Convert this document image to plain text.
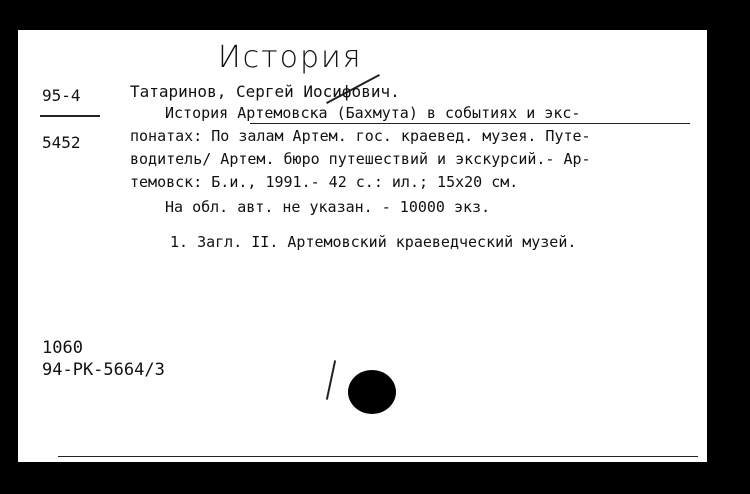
История
95-4
5452
Татаринов, Сергей Иосифович.
История Артемовска (Бахмута) в событиях и экс-
понатах: По залам Артем. гос. краевед. музея. Путе-
водитель/ Артем. бюро путешествий и экскурсий.- Ар-
темовск: Б.и., 1991.- 42 с.: ил.; 15х20 см.
На обл. авт. не указан. - 10000 экз.
1. Загл. II. Артемовский краеведческий музей.
1060
94-РК-5664/3
